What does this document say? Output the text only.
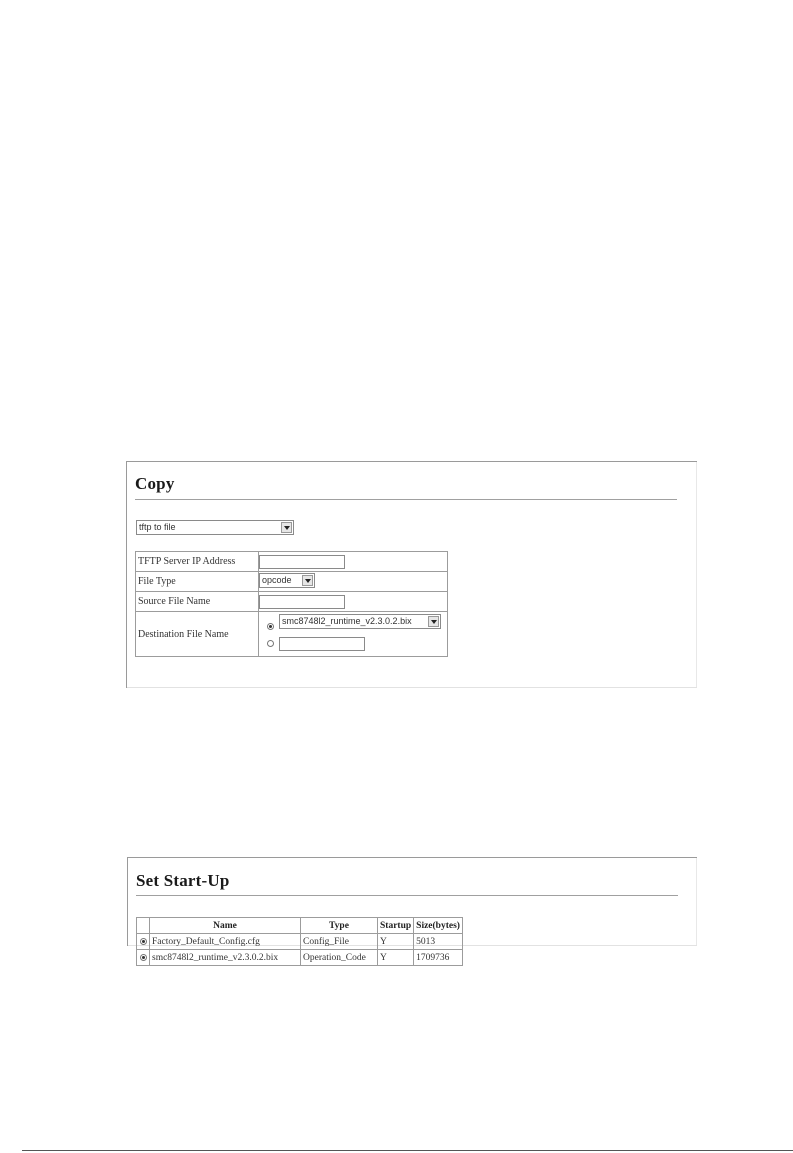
Copy
tftp to file
TFTP Server IP Address	
File Type	opcode

Source File Name	
Destination File Name	smc8748l2_runtime_v2.3.0.2.bix
Set Start-Up
	Name	Type	Startup	Size(bytes)
	Factory_Default_Config.cfg	Config_File	Y	5013
	smc8748l2_runtime_v2.3.0.2.bix	Operation_Code	Y	1709736
